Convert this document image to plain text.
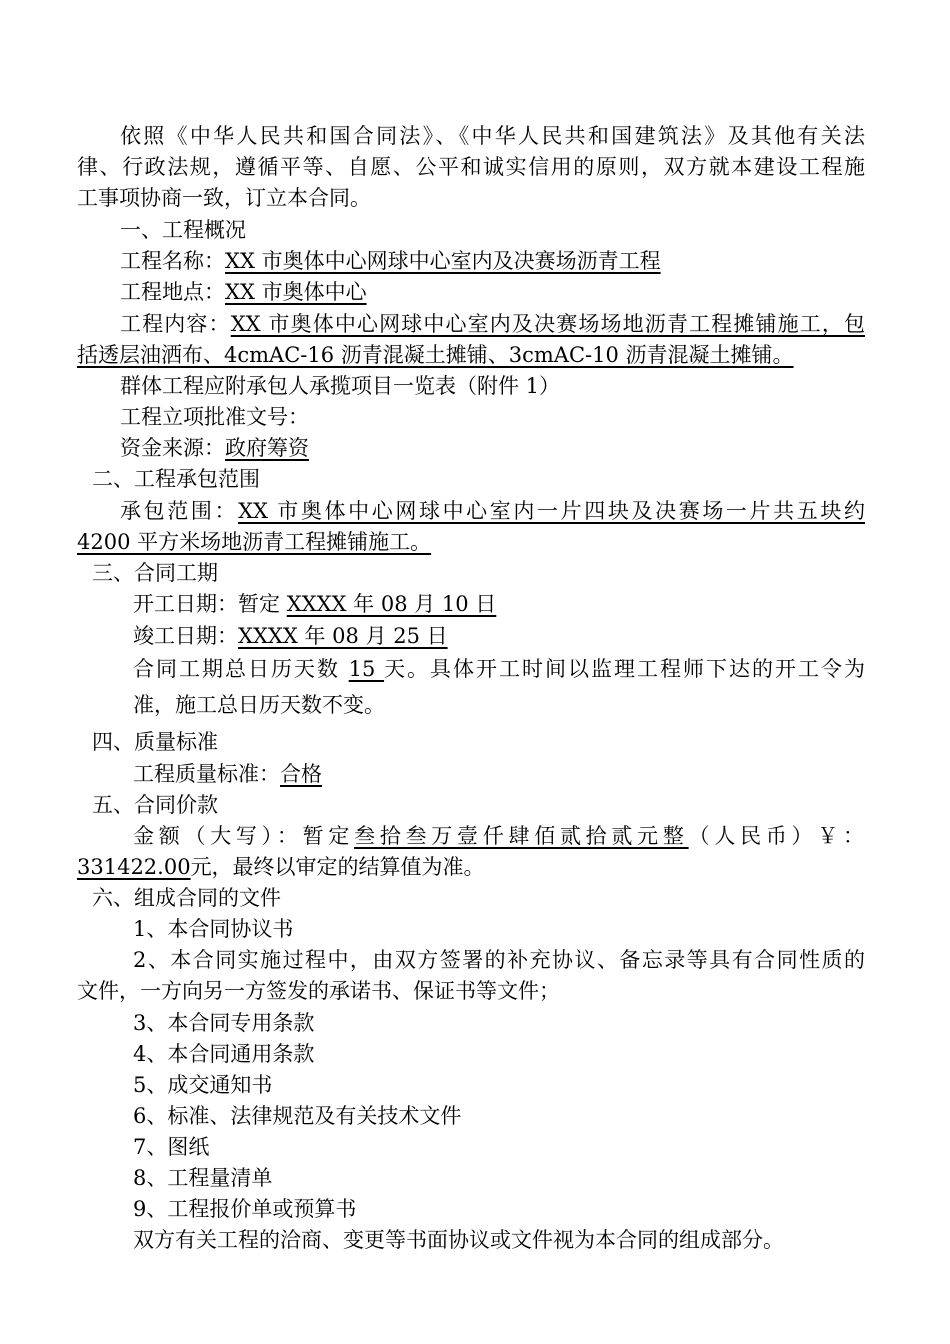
依照《中华人民共和国合同法》、《中华人民共和国建筑法》及其他有关法
律、行政法规，遵循平等、自愿、公平和诚实信用的原则，双方就本建设工程施
工事项协商一致，订立本合同。
一、工程概况
工程名称：XX 市奥体中心网球中心室内及决赛场沥青工程
工程地点：XX 市奥体中心
工程内容：XX 市奥体中心网球中心室内及决赛场场地沥青工程摊铺施工，包
括透层油洒布、4cmAC-16 沥青混凝土摊铺、3cmAC-10 沥青混凝土摊铺。
群体工程应附承包人承揽项目一览表（附件 1）
工程立项批准文号：
资金来源：政府筹资
二、工程承包范围
承包范围：XX 市奥体中心网球中心室内一片四块及决赛场一片共五块约
4200 平方米场地沥青工程摊铺施工。
三、合同工期
开工日期：暂定 XXXX 年 08 月 10 日
竣工日期：XXXX 年 08 月 25 日
合同工期总日历天数 15 天。具体开工时间以监理工程师下达的开工令为
准，施工总日历天数不变。
四、质量标准
工程质量标准：合格
五、合同价款
金额（大写）：暂定叁拾叁万壹仟肆佰贰拾贰元整（人民币）￥：
331422.00元，最终以审定的结算值为准。
六、组成合同的文件
1、本合同协议书
2、本合同实施过程中，由双方签署的补充协议、备忘录等具有合同性质的
文件，一方向另一方签发的承诺书、保证书等文件；
3、本合同专用条款
4、本合同通用条款
5、成交通知书
6、标准、法律规范及有关技术文件
7、图纸
8、工程量清单
9、工程报价单或预算书
双方有关工程的洽商、变更等书面协议或文件视为本合同的组成部分。
